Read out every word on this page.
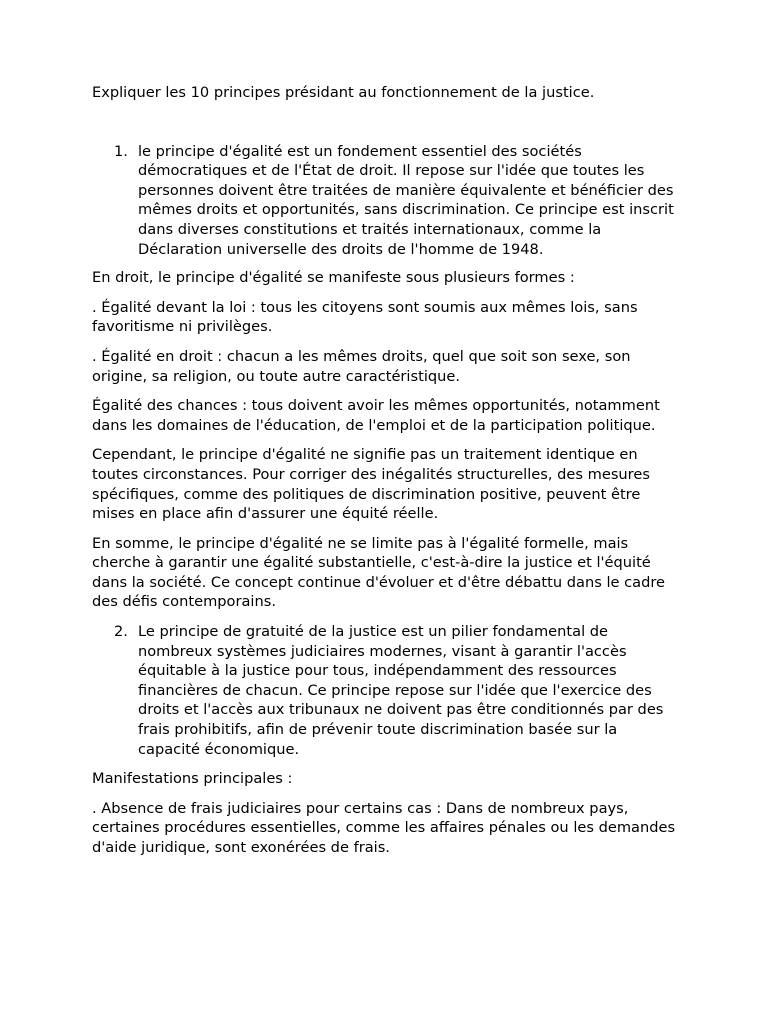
Expliquer les 10 principes présidant au fonctionnement de la justice.

1. le principe d'égalité est un fondement essentiel des sociétés démocratiques et de l'État de droit. Il repose sur l'idée que toutes les personnes doivent être traitées de manière équivalente et bénéficier des mêmes droits et opportunités, sans discrimination. Ce principe est inscrit dans diverses constitutions et traités internationaux, comme la Déclaration universelle des droits de l'homme de 1948.

En droit, le principe d'égalité se manifeste sous plusieurs formes :

. Égalité devant la loi : tous les citoyens sont soumis aux mêmes lois, sans favoritisme ni privilèges.

. Égalité en droit : chacun a les mêmes droits, quel que soit son sexe, son origine, sa religion, ou toute autre caractéristique.

Égalité des chances : tous doivent avoir les mêmes opportunités, notamment dans les domaines de l'éducation, de l'emploi et de la participation politique.

Cependant, le principe d'égalité ne signifie pas un traitement identique en toutes circonstances. Pour corriger des inégalités structurelles, des mesures spécifiques, comme des politiques de discrimination positive, peuvent être mises en place afin d'assurer une équité réelle.

En somme, le principe d'égalité ne se limite pas à l'égalité formelle, mais cherche à garantir une égalité substantielle, c'est-à-dire la justice et l'équité dans la société. Ce concept continue d'évoluer et d'être débattu dans le cadre des défis contemporains.

2. Le principe de gratuité de la justice est un pilier fondamental de nombreux systèmes judiciaires modernes, visant à garantir l'accès équitable à la justice pour tous, indépendamment des ressources financières de chacun. Ce principe repose sur l'idée que l'exercice des droits et l'accès aux tribunaux ne doivent pas être conditionnés par des frais prohibitifs, afin de prévenir toute discrimination basée sur la capacité économique.

Manifestations principales :

. Absence de frais judiciaires pour certains cas : Dans de nombreux pays, certaines procédures essentielles, comme les affaires pénales ou les demandes d'aide juridique, sont exonérées de frais.
